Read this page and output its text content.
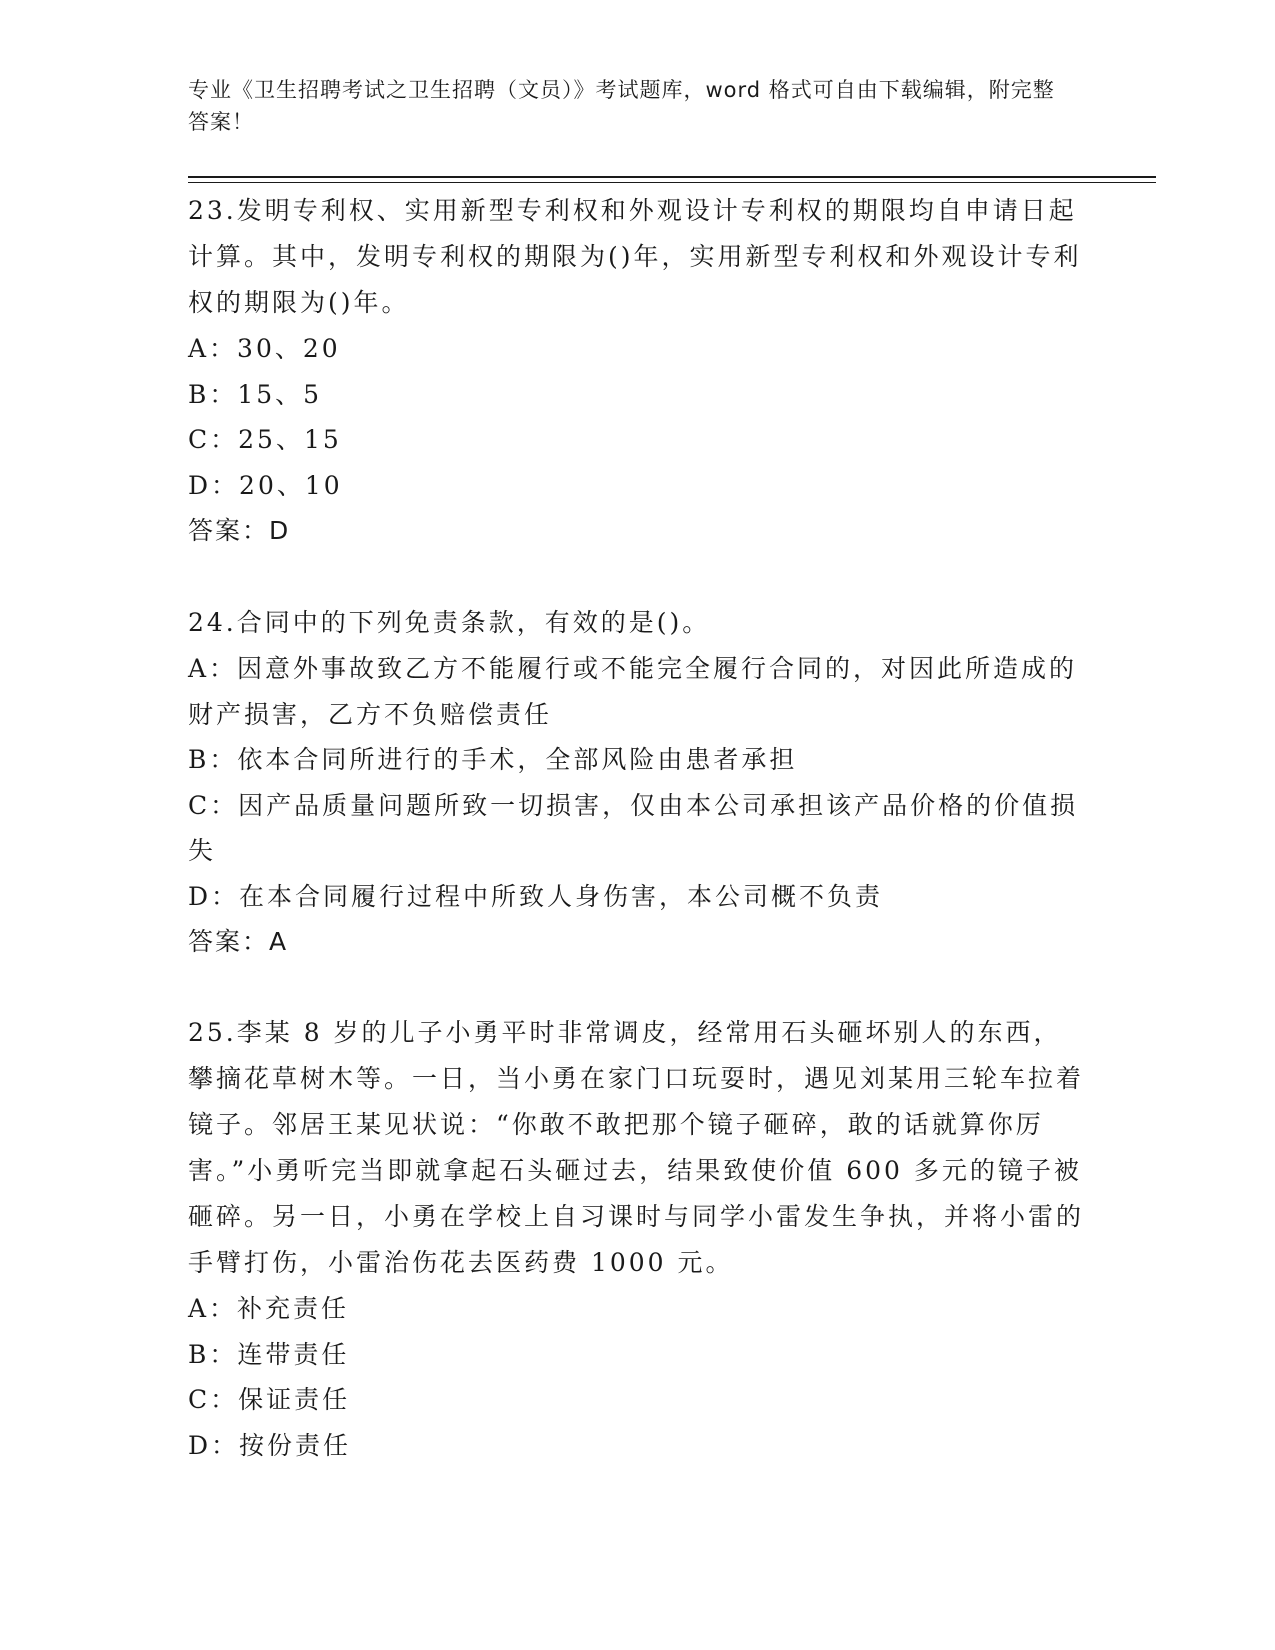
专业《卫生招聘考试之卫生招聘（文员）》考试题库，word 格式可自由下载编辑，附完整答案！

23.发明专利权、实用新型专利权和外观设计专利权的期限均自申请日起计算。其中，发明专利权的期限为()年，实用新型专利权和外观设计专利权的期限为()年。

A：30、20

B：15、5

C：25、15

D：20、10

答案：D

24.合同中的下列免责条款，有效的是()。

A：因意外事故致乙方不能履行或不能完全履行合同的，对因此所造成的财产损害，乙方不负赔偿责任

B：依本合同所进行的手术，全部风险由患者承担

C：因产品质量问题所致一切损害，仅由本公司承担该产品价格的价值损失

D：在本合同履行过程中所致人身伤害，本公司概不负责

答案：A

25.李某 8 岁的儿子小勇平时非常调皮，经常用石头砸坏别人的东西，攀摘花草树木等。一日，当小勇在家门口玩耍时，遇见刘某用三轮车拉着镜子。邻居王某见状说：“你敢不敢把那个镜子砸碎，敢的话就算你厉害。”小勇听完当即就拿起石头砸过去，结果致使价值 600 多元的镜子被砸碎。另一日，小勇在学校上自习课时与同学小雷发生争执，并将小雷的手臂打伤，小雷治伤花去医药费 1000 元。

A：补充责任

B：连带责任

C：保证责任

D：按份责任
